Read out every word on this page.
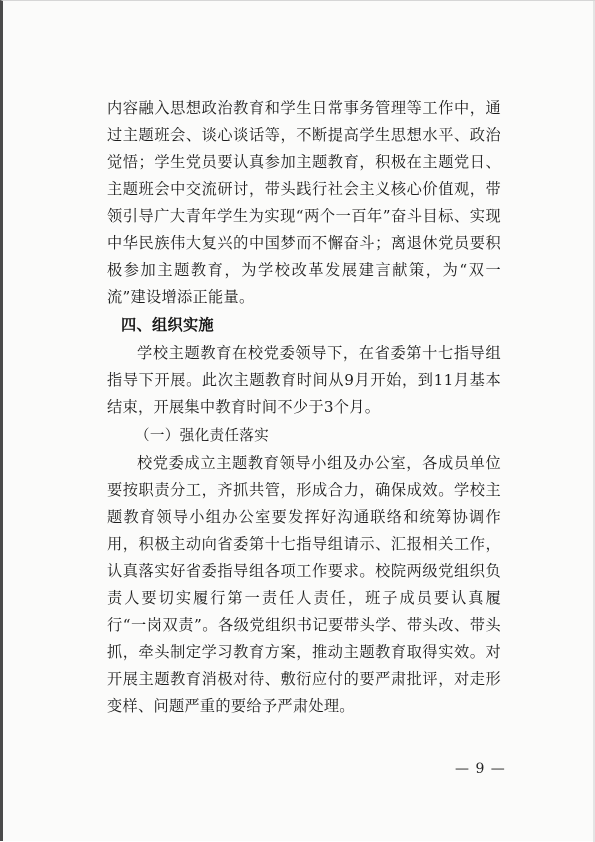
内容融入思想政治教育和学生日常事务管理等工作中，通过主题班会、谈心谈话等，不断提高学生思想水平、政治觉悟；学生党员要认真参加主题教育，积极在主题党日、主题班会中交流研讨，带头践行社会主义核心价值观，带领引导广大青年学生为实现“两个一百年”奋斗目标、实现中华民族伟大复兴的中国梦而不懈奋斗；离退休党员要积极参加主题教育，为学校改革发展建言献策，为“双一流”建设增添正能量。

四、组织实施

学校主题教育在校党委领导下，在省委第十七指导组指导下开展。此次主题教育时间从9月开始，到11月基本结束，开展集中教育时间不少于3个月。

（一）强化责任落实

校党委成立主题教育领导小组及办公室，各成员单位要按职责分工，齐抓共管，形成合力，确保成效。学校主题教育领导小组办公室要发挥好沟通联络和统筹协调作用，积极主动向省委第十七指导组请示、汇报相关工作，认真落实好省委指导组各项工作要求。校院两级党组织负责人要切实履行第一责任人责任，班子成员要认真履行“一岗双责”。各级党组织书记要带头学、带头改、带头抓，牵头制定学习教育方案，推动主题教育取得实效。对开展主题教育消极对待、敷衍应付的要严肃批评，对走形变样、问题严重的要给予严肃处理。

— 9 —
